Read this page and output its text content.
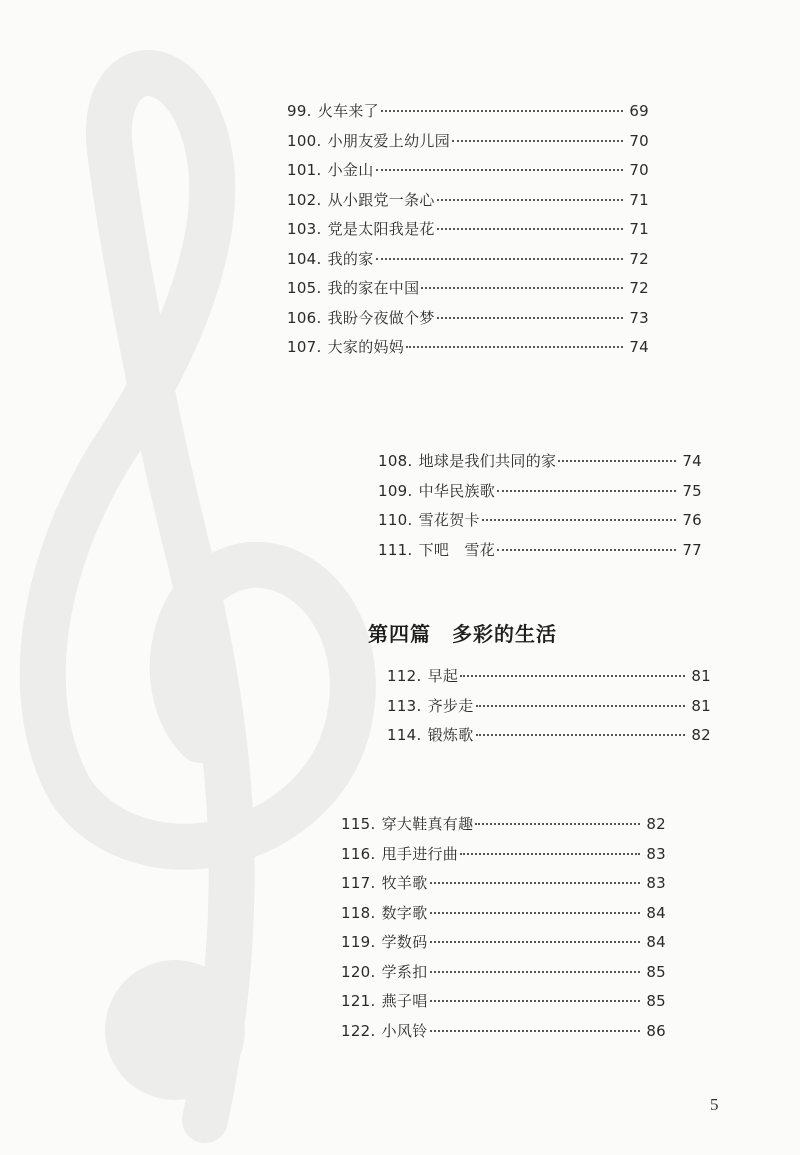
99. 火车来了	69
100. 小朋友爱上幼儿园	70
101. 小金山	70
102. 从小跟党一条心	71
103. 党是太阳我是花	71
104. 我的家	72
105. 我的家在中国	72
106. 我盼今夜做个梦	73
107. 大家的妈妈	74
108. 地球是我们共同的家	74
109. 中华民族歌	75
110. 雪花贺卡	76
111. 下吧　雪花	77
第四篇　多彩的生活
112. 早起	81
113. 齐步走	81
114. 锻炼歌	82
115. 穿大鞋真有趣	82
116. 甩手进行曲	83
117. 牧羊歌	83
118. 数字歌	84
119. 学数码	84
120. 学系扣	85
121. 燕子唱	85
122. 小风铃	86
5
